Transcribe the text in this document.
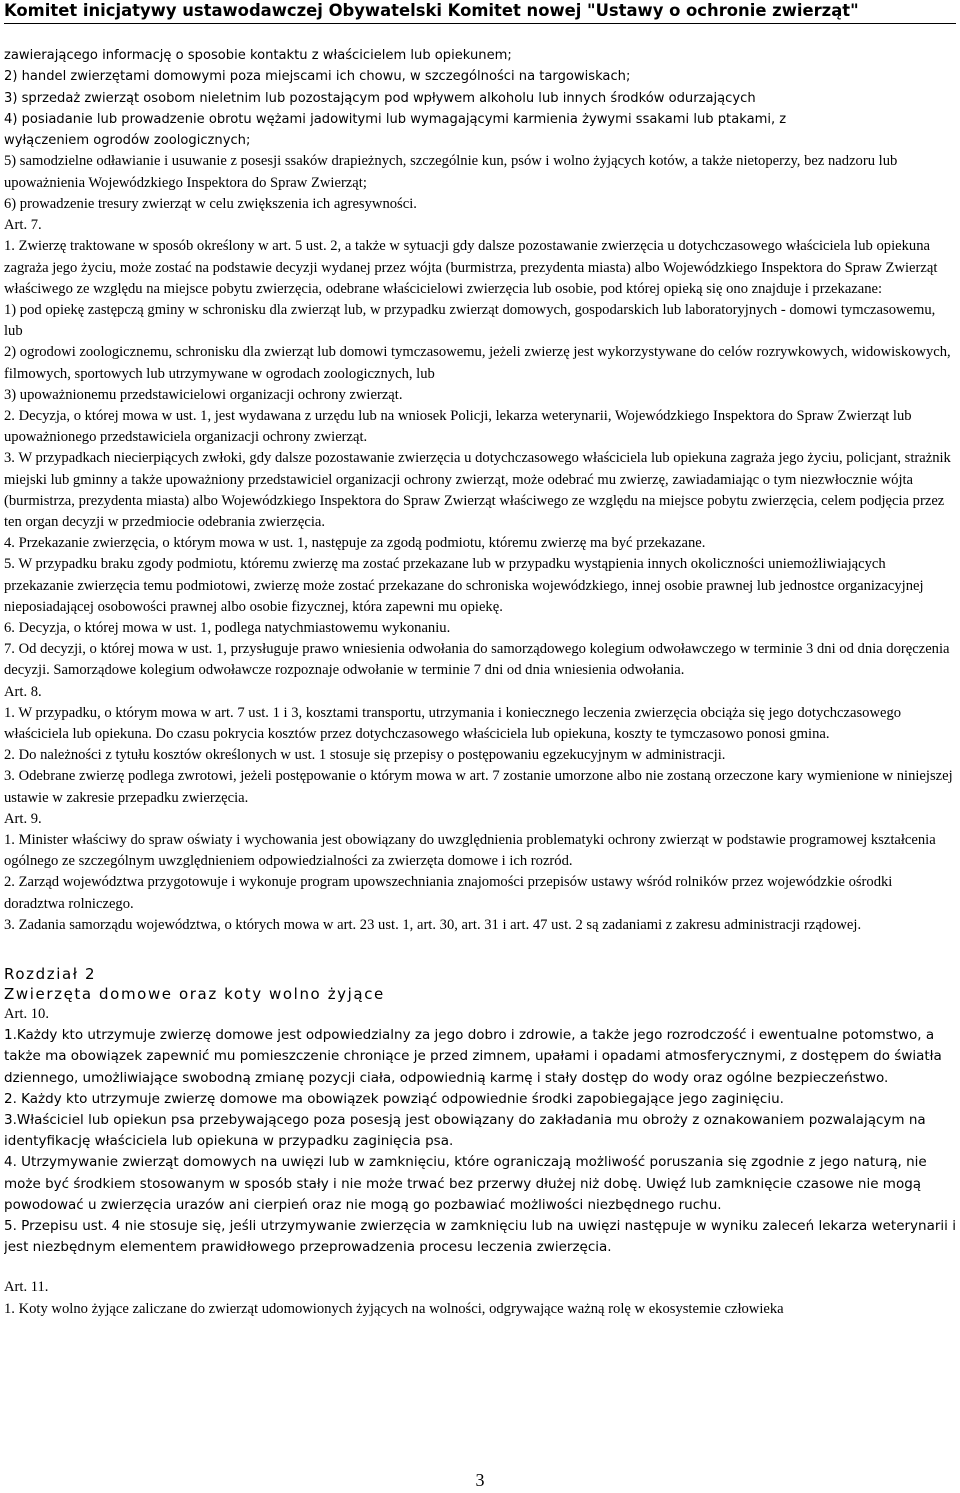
Komitet inicjatywy ustawodawczej Obywatelski Komitet nowej "Ustawy o ochronie zwierząt"
zawierającego informację o sposobie kontaktu z właścicielem lub opiekunem;
2) handel zwierzętami domowymi poza miejscami ich chowu, w szczególności na targowiskach;
3) sprzedaż zwierząt osobom nieletnim lub pozostającym pod wpływem alkoholu lub innych środków odurzających
4) posiadanie lub prowadzenie obrotu wężami jadowitymi lub wymagającymi karmienia żywymi ssakami lub ptakami, z
wyłączeniem ogrodów zoologicznych;
5) samodzielne odławianie i usuwanie z posesji ssaków drapieżnych, szczególnie kun, psów i wolno żyjących kotów, a także nietoperzy, bez nadzoru lub upoważnienia Wojewódzkiego Inspektora do Spraw Zwierząt;
6) prowadzenie tresury zwierząt w celu zwiększenia ich agresywności.
Art. 7.
1. Zwierzę traktowane w sposób określony w art. 5 ust. 2, a także w sytuacji gdy dalsze pozostawanie zwierzęcia u dotychczasowego właściciela lub opiekuna zagraża jego życiu, może zostać na podstawie decyzji wydanej przez wójta (burmistrza, prezydenta miasta) albo Wojewódzkiego Inspektora do Spraw Zwierząt właściwego ze względu na miejsce pobytu zwierzęcia, odebrane właścicielowi zwierzęcia lub osobie, pod której opieką się ono znajduje i przekazane:
1) pod opiekę zastępczą gminy w schronisku dla zwierząt lub, w przypadku zwierząt domowych, gospodarskich lub laboratoryjnych - domowi tymczasowemu, lub
2) ogrodowi zoologicznemu, schronisku dla zwierząt lub domowi tymczasowemu, jeżeli zwierzę jest wykorzystywane do celów rozrywkowych, widowiskowych, filmowych, sportowych lub utrzymywane w ogrodach zoologicznych, lub
3) upoważnionemu przedstawicielowi organizacji ochrony zwierząt.
2. Decyzja, o której mowa w ust. 1, jest wydawana z urzędu lub na wniosek Policji, lekarza weterynarii, Wojewódzkiego Inspektora do Spraw Zwierząt lub upoważnionego przedstawiciela organizacji ochrony zwierząt.
3. W przypadkach niecierpiących zwłoki, gdy dalsze pozostawanie zwierzęcia u dotychczasowego właściciela lub opiekuna zagraża jego życiu, policjant, strażnik miejski lub gminny a także upoważniony przedstawiciel organizacji ochrony zwierząt, może odebrać mu zwierzę, zawiadamiając o tym niezwłocznie wójta (burmistrza, prezydenta miasta) albo Wojewódzkiego Inspektora do Spraw Zwierząt właściwego ze względu na miejsce pobytu zwierzęcia, celem podjęcia przez ten organ decyzji w przedmiocie odebrania zwierzęcia.
4. Przekazanie zwierzęcia, o którym mowa w ust. 1, następuje za zgodą podmiotu, któremu zwierzę ma być przekazane.
5. W przypadku braku zgody podmiotu, któremu zwierzę ma zostać przekazane lub w przypadku wystąpienia innych okoliczności uniemożliwiających przekazanie zwierzęcia temu podmiotowi, zwierzę może zostać przekazane do schroniska wojewódzkiego, innej osobie prawnej lub jednostce organizacyjnej nieposiadającej osobowości prawnej albo osobie fizycznej, która zapewni mu opiekę.
6. Decyzja, o której mowa w ust. 1, podlega natychmiastowemu wykonaniu.
7. Od decyzji, o której mowa w ust. 1, przysługuje prawo wniesienia odwołania do samorządowego kolegium odwoławczego w terminie 3 dni od dnia doręczenia decyzji. Samorządowe kolegium odwoławcze rozpoznaje odwołanie w terminie 7 dni od dnia wniesienia odwołania.
Art. 8.
1. W przypadku, o którym mowa w art. 7 ust. 1 i 3, kosztami transportu, utrzymania i koniecznego leczenia zwierzęcia obciąża się jego dotychczasowego właściciela lub opiekuna. Do czasu pokrycia kosztów przez dotychczasowego właściciela lub opiekuna, koszty te tymczasowo ponosi gmina.
2. Do należności z tytułu kosztów określonych w ust. 1 stosuje się przepisy o postępowaniu egzekucyjnym w administracji.
3. Odebrane zwierzę podlega zwrotowi, jeżeli postępowanie o którym mowa w art. 7 zostanie umorzone albo nie zostaną orzeczone kary wymienione w niniejszej ustawie w zakresie przepadku zwierzęcia.
Art. 9.
1. Minister właściwy do spraw oświaty i wychowania jest obowiązany do uwzględnienia problematyki ochrony zwierząt w podstawie programowej kształcenia ogólnego ze szczególnym uwzględnieniem odpowiedzialności za zwierzęta domowe i ich rozród.
2. Zarząd województwa przygotowuje i wykonuje program upowszechniania znajomości przepisów ustawy wśród rolników przez wojewódzkie ośrodki doradztwa rolniczego.
3. Zadania samorządu województwa, o których mowa w art. 23 ust. 1, art. 30, art. 31 i art. 47 ust. 2 są zadaniami z zakresu administracji rządowej.
Rozdział 2
Zwierzęta domowe oraz koty wolno żyjące
Art. 10.
1.Każdy kto utrzymuje zwierzę domowe jest odpowiedzialny za jego dobro i zdrowie, a także jego rozrodczość i ewentualne potomstwo, a także ma obowiązek zapewnić mu pomieszczenie chroniące je przed zimnem, upałami i opadami atmosferycznymi, z dostępem do światła dziennego, umożliwiające swobodną zmianę pozycji ciała, odpowiednią karmę i stały dostęp do wody oraz ogólne bezpieczeństwo.
2. Każdy kto utrzymuje zwierzę domowe ma obowiązek powziąć odpowiednie środki zapobiegające jego zaginięciu.
3.Właściciel lub opiekun psa przebywającego poza posesją jest obowiązany do zakładania mu obroży z oznakowaniem pozwalającym na identyfikację właściciela lub opiekuna w przypadku zaginięcia psa.
4. Utrzymywanie zwierząt domowych na uwięzi lub w zamknięciu, które ograniczają możliwość poruszania się zgodnie z jego naturą, nie może być środkiem stosowanym w sposób stały i nie może trwać bez przerwy dłużej niż dobę. Uwięź lub zamknięcie czasowe nie mogą powodować u zwierzęcia urazów ani cierpień oraz nie mogą go pozbawiać możliwości niezbędnego ruchu.
5. Przepisu ust. 4 nie stosuje się, jeśli utrzymywanie zwierzęcia w zamknięciu lub na uwięzi następuje w wyniku zaleceń lekarza weterynarii i jest niezbędnym elementem prawidłowego przeprowadzenia procesu leczenia zwierzęcia.
Art. 11.
1. Koty wolno żyjące zaliczane do zwierząt udomowionych żyjących na wolności, odgrywające ważną rolę w ekosystemie człowieka
3
